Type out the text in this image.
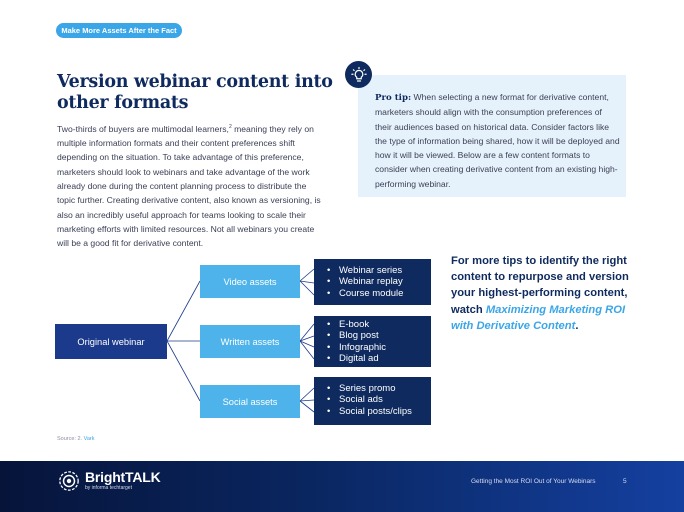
Make More Assets After the Fact
Version webinar content into
other formats

Two-thirds of buyers are multimodal learners,$^2$ meaning they rely on multiple information formats and their content preferences shift depending on the situation. To take advantage of this preference, marketers should look to webinars and take advantage of the work already done during the content planning process to distribute the topic further. Creating derivative content, also known as versioning, is also an incredibly useful approach for teams looking to scale their marketing efforts with limited resources. Not all webinars you create will be a good fit for derivative content.

Pro tip: When selecting a new format for derivative content, marketers should align with the consumption preferences of their audiences based on historical data. Consider factors like the type of information being shared, how it will be deployed and how it will be viewed. Below are a few content formats to consider when creating derivative content from an existing high-performing webinar.

Original webinar
Video assets
Written assets
Social assets
• Webinar series
• Webinar replay
• Course module
• E-book
• Blog post
• Infographic
• Digital ad
• Series promo
• Social ads
• Social posts/clips

For more tips to identify the right content to repurpose and version your highest-performing content, watch Maximizing Marketing ROI with Derivative Content.

Source: 2. Vark
BrightTALK
by informa techtarget
Getting the Most ROI Out of Your Webinars	5
